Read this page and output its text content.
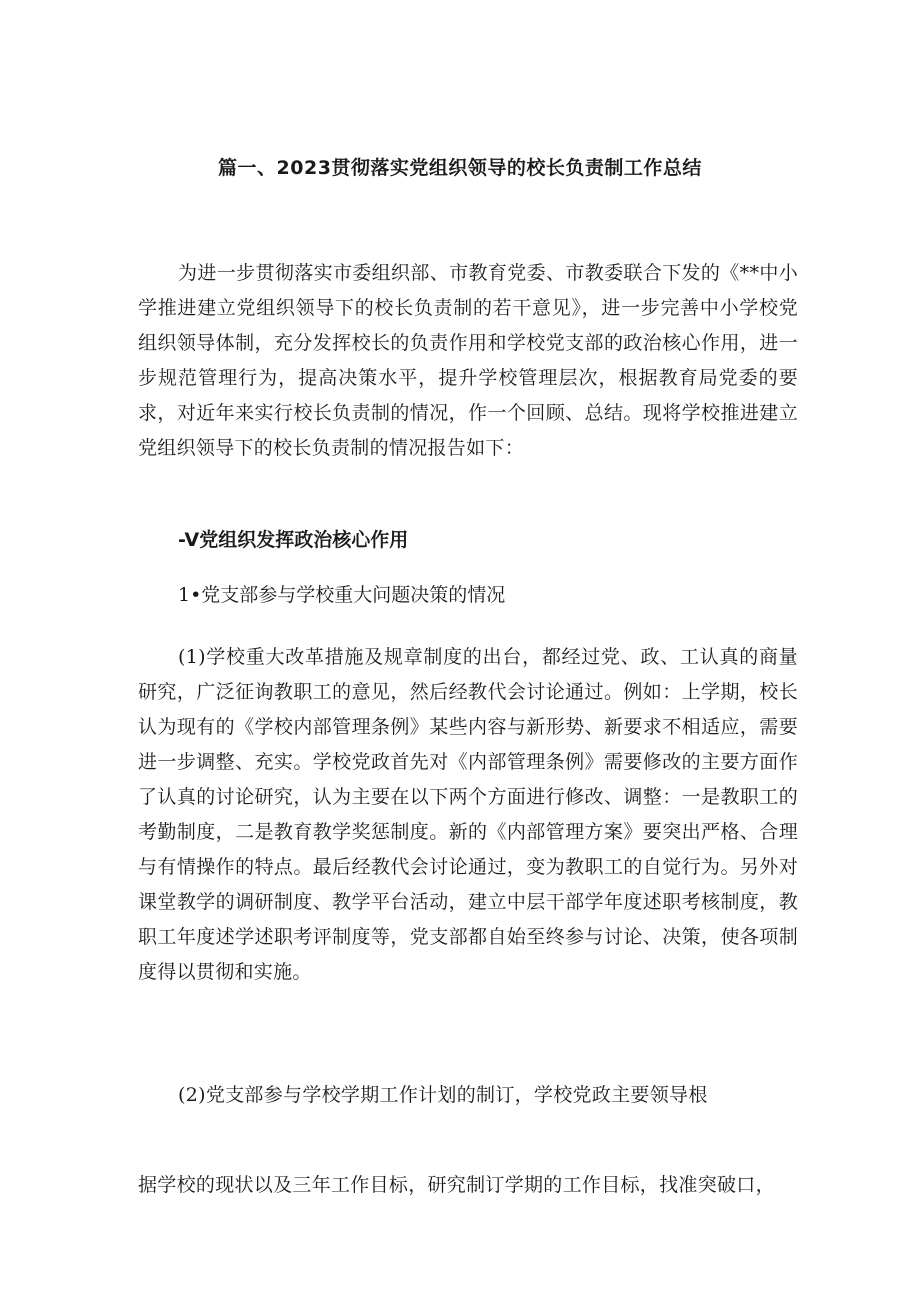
篇一、2023贯彻落实党组织领导的校长负责制工作总结
为进一步贯彻落实市委组织部、市教育党委、市教委联合下发的《**中小学推进建立党组织领导下的校长负责制的若干意见》，进一步完善中小学校党组织领导体制，充分发挥校长的负责作用和学校党支部的政治核心作用，进一步规范管理行为，提高决策水平，提升学校管理层次，根据教育局党委的要求，对近年来实行校长负责制的情况，作一个回顾、总结。现将学校推进建立党组织领导下的校长负责制的情况报告如下：
-V党组织发挥政治核心作用
1•党支部参与学校重大问题决策的情况
(1)学校重大改革措施及规章制度的出台，都经过党、政、工认真的商量研究，广泛征询教职工的意见，然后经教代会讨论通过。例如：上学期，校长认为现有的《学校内部管理条例》某些内容与新形势、新要求不相适应，需要进一步调整、充实。学校党政首先对《内部管理条例》需要修改的主要方面作了认真的讨论研究，认为主要在以下两个方面进行修改、调整：一是教职工的考勤制度，二是教育教学奖惩制度。新的《内部管理方案》要突出严格、合理与有情操作的特点。最后经教代会讨论通过，变为教职工的自觉行为。另外对课堂教学的调研制度、教学平台活动，建立中层干部学年度述职考核制度，教职工年度述学述职考评制度等，党支部都自始至终参与讨论、决策，使各项制度得以贯彻和实施。
(2)党支部参与学校学期工作计划的制订，学校党政主要领导根
据学校的现状以及三年工作目标，研究制订学期的工作目标，找准突破口，
